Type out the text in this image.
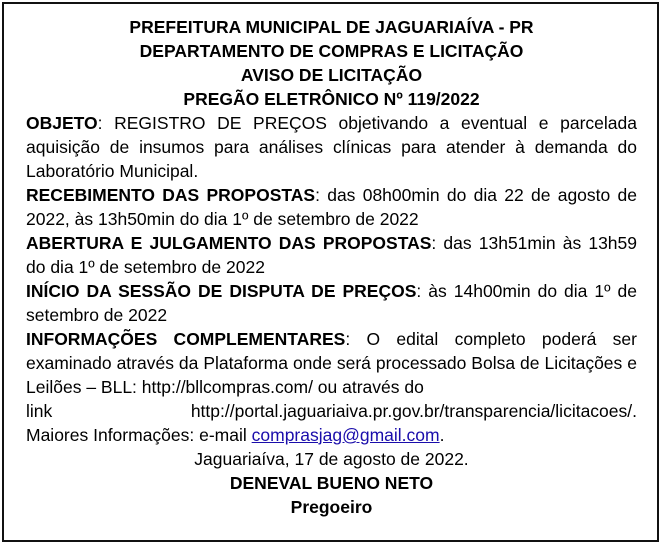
PREFEITURA MUNICIPAL DE JAGUARIAÍVA - PR
DEPARTAMENTO DE COMPRAS E LICITAÇÃO
AVISO DE LICITAÇÃO
PREGÃO ELETRÔNICO Nº 119/2022
OBJETO: REGISTRO DE PREÇOS objetivando a eventual e parcelada aquisição de insumos para análises clínicas para atender à demanda do Laboratório Municipal.
RECEBIMENTO DAS PROPOSTAS: das 08h00min do dia 22 de agosto de 2022, às 13h50min do dia 1º de setembro de 2022
ABERTURA E JULGAMENTO DAS PROPOSTAS: das 13h51min às 13h59 do dia 1º de setembro de 2022
INÍCIO DA SESSÃO DE DISPUTA DE PREÇOS: às 14h00min do dia 1º de setembro de 2022
INFORMAÇÕES COMPLEMENTARES: O edital completo poderá ser examinado através da Plataforma onde será processado Bolsa de Licitações e Leilões – BLL: http://bllcompras.com/ ou através do
link http://portal.jaguariaiva.pr.gov.br/transparencia/licitacoes/.
Maiores Informações: e-mail comprasjag@gmail.com.
Jaguariaíva, 17 de agosto de 2022.
DENEVAL BUENO NETO
Pregoeiro
